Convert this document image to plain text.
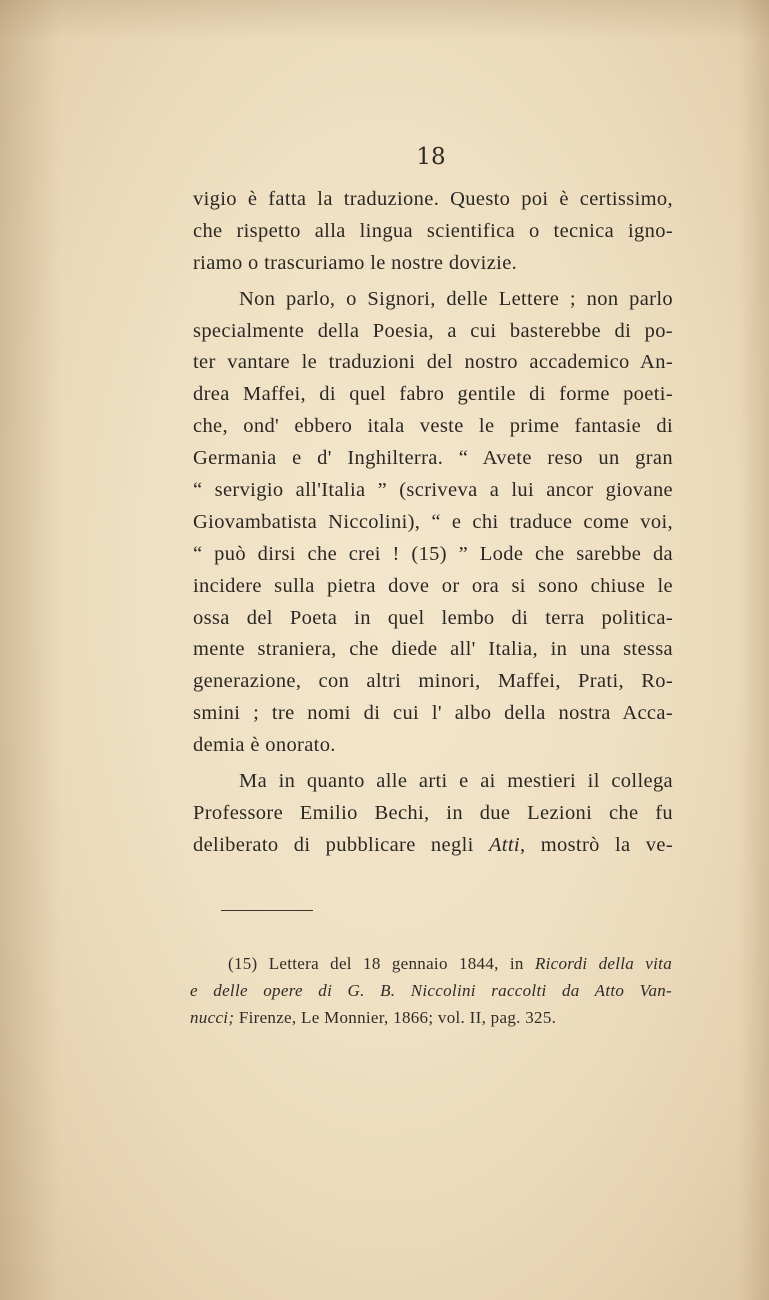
18
vigio è fatta la traduzione. Questo poi è certissimo,
che rispetto alla lingua scientifica o tecnica igno-
riamo o trascuriamo le nostre dovizie.
Non parlo, o Signori, delle Lettere ; non parlo
specialmente della Poesia, a cui basterebbe di po-
ter vantare le traduzioni del nostro accademico An-
drea Maffei, di quel fabro gentile di forme poeti-
che, ond' ebbero itala veste le prime fantasie di
Germania e d' Inghilterra. “ Avete reso un gran
“ servigio all'Italia ” (scriveva a lui ancor giovane
Giovambatista Niccolini), “ e chi traduce come voi,
“ può dirsi che crei ! (15) ” Lode che sarebbe da
incidere sulla pietra dove or ora si sono chiuse le
ossa del Poeta in quel lembo di terra politica-
mente straniera, che diede all' Italia, in una stessa
generazione, con altri minori, Maffei, Prati, Ro-
smini ; tre nomi di cui l' albo della nostra Acca-
demia è onorato.
Ma in quanto alle arti e ai mestieri il collega
Professore Emilio Bechi, in due Lezioni che fu
deliberato di pubblicare negli Atti, mostrò la ve-
(15) Lettera del 18 gennaio 1844, in Ricordi della vita
e delle opere di G. B. Niccolini raccolti da Atto Van-
nucci; Firenze, Le Monnier, 1866; vol. II, pag. 325.
